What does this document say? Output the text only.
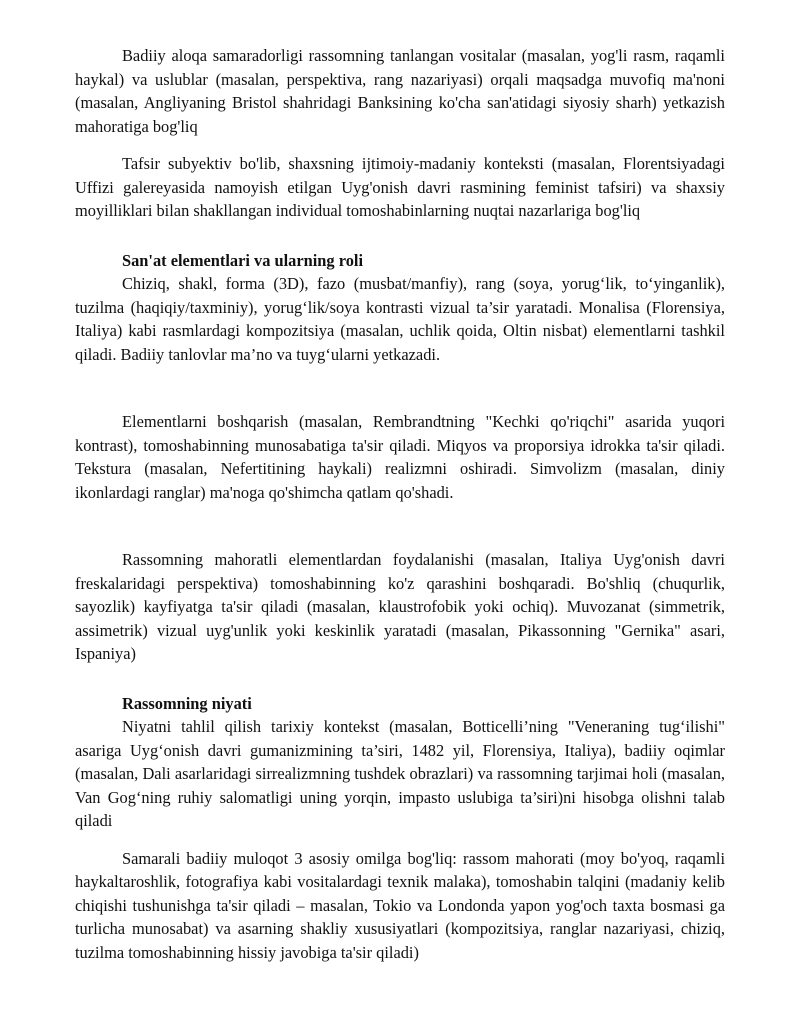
Badiiy aloqa samaradorligi rassomning tanlangan vositalar (masalan, yog'li rasm, raqamli haykal) va uslublar (masalan, perspektiva, rang nazariyasi) orqali maqsadga muvofiq ma'noni (masalan, Angliyaning Bristol shahridagi Banksining ko'cha san'atidagi siyosiy sharh) yetkazish mahoratiga bog'liq

Tafsir subyektiv bo'lib, shaxsning ijtimoiy-madaniy konteksti (masalan, Florentsiyadagi Uffizi galereyasida namoyish etilgan Uyg'onish davri rasmining feminist tafsiri) va shaxsiy moyilliklari bilan shakllangan individual tomoshabinlarning nuqtai nazarlariga bog'liq

San'at elementlari va ularning roli

Chiziq, shakl, forma (3D), fazo (musbat/manfiy), rang (soya, yorug‘lik, to‘yinganlik), tuzilma (haqiqiy/taxminiy), yorug‘lik/soya kontrasti vizual ta’sir yaratadi. Monalisa (Florensiya, Italiya) kabi rasmlardagi kompozitsiya (masalan, uchlik qoida, Oltin nisbat) elementlarni tashkil qiladi. Badiiy tanlovlar ma’no va tuyg‘ularni yetkazadi.

Elementlarni boshqarish (masalan, Rembrandtning "Kechki qo'riqchi" asarida yuqori kontrast), tomoshabinning munosabatiga ta'sir qiladi. Miqyos va proporsiya idrokka ta'sir qiladi. Tekstura (masalan, Nefertitining haykali) realizmni oshiradi. Simvolizm (masalan, diniy ikonlardagi ranglar) ma'noga qo'shimcha qatlam qo'shadi.

Rassomning mahoratli elementlardan foydalanishi (masalan, Italiya Uyg'onish davri freskalaridagi perspektiva) tomoshabinning ko'z qarashini boshqaradi. Bo'shliq (chuqurlik, sayozlik) kayfiyatga ta'sir qiladi (masalan, klaustrofobik yoki ochiq). Muvozanat (simmetrik, assimetrik) vizual uyg'unlik yoki keskinlik yaratadi (masalan, Pikassonning "Gernika" asari, Ispaniya)

Rassomning niyati

Niyatni tahlil qilish tarixiy kontekst (masalan, Botticelli’ning "Veneraning tug‘ilishi" asariga Uyg‘onish davri gumanizmining ta’siri, 1482 yil, Florensiya, Italiya), badiiy oqimlar (masalan, Dali asarlaridagi sirrealizmning tushdek obrazlari) va rassomning tarjimai holi (masalan, Van Gog‘ning ruhiy salomatligi uning yorqin, impasto uslubiga ta’siri)ni hisobga olishni talab qiladi

Samarali badiiy muloqot 3 asosiy omilga bog'liq: rassom mahorati (moy bo'yoq, raqamli haykaltaroshlik, fotografiya kabi vositalardagi texnik malaka), tomoshabin talqini (madaniy kelib chiqishi tushunishga ta'sir qiladi – masalan, Tokio va Londonda yapon yog'och taxta bosmasi ga turlicha munosabat) va asarning shakliy xususiyatlari (kompozitsiya, ranglar nazariyasi, chiziq, tuzilma tomoshabinning hissiy javobiga ta'sir qiladi)
